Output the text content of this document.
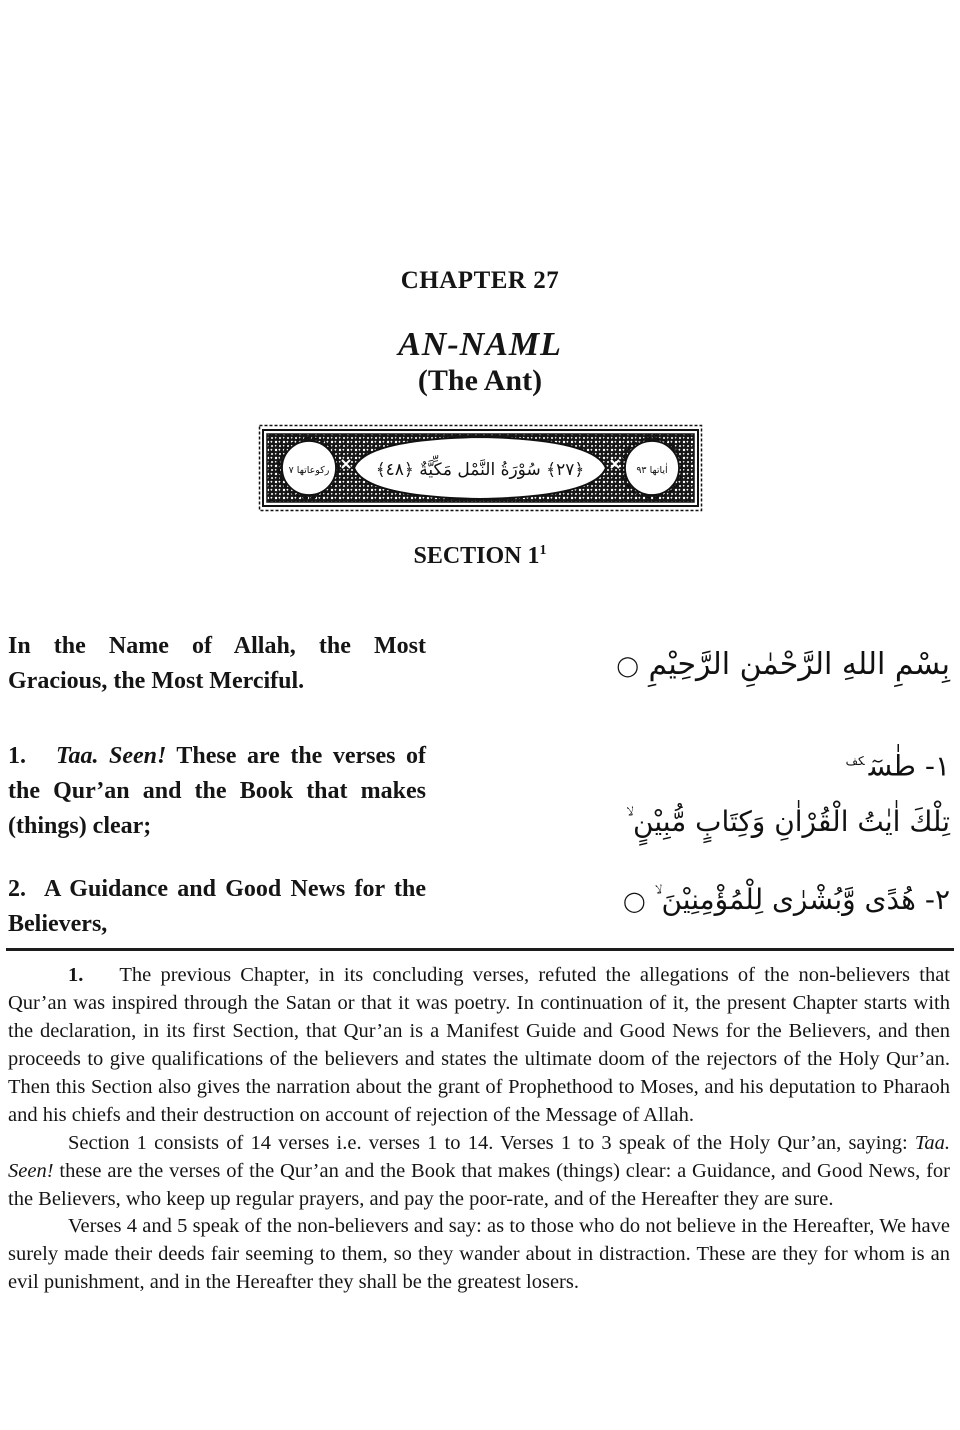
CHAPTER 27
AN-NAML
(The Ant)
﴿٢٧﴾ سُوْرَةُ النَّمْل مَكِّيَّةٌ ﴿٤٨﴾
ركوعاتها ٧	اٰياتها ٩٣
SECTION $1^1$
In the Name of Allah, the Most Gracious, the Most Merciful.	بِسْمِ اللهِ الرَّحْمٰنِ الرَّحِيْمِ ◯
1. Taa. Seen! These are the verses of the Qur’an and the Book that makes (things) clear;
١- طٰسٓ$^{كف}$
تِلْكَ اٰيٰتُ الْقُرْاٰنِ وَكِتَابٍ مُّبِيْنٍ ۙ
2. A Guidance and Good News for the Believers,
٢- هُدًى وَّبُشْرٰى لِلْمُؤْمِنِيْنَ ۙ ◯

1. The previous Chapter, in its concluding verses, refuted the allegations of the non-believers that Qur’an was inspired through the Satan or that it was poetry. In continuation of it, the present Chapter starts with the declaration, in its first Section, that Qur’an is a Manifest Guide and Good News for the Believers, and then proceeds to give qualifications of the believers and states the ultimate doom of the rejectors of the Holy Qur’an. Then this Section also gives the narration about the grant of Prophethood to Moses, and his deputation to Pharaoh and his chiefs and their destruction on account of rejection of the Message of Allah.

Section 1 consists of 14 verses i.e. verses 1 to 14. Verses 1 to 3 speak of the Holy Qur’an, saying: Taa. Seen! these are the verses of the Qur’an and the Book that makes (things) clear: a Guidance, and Good News, for the Believers, who keep up regular prayers, and pay the poor-rate, and of the Hereafter they are sure.

Verses 4 and 5 speak of the non-believers and say: as to those who do not believe in the Hereafter, We have surely made their deeds fair seeming to them, so they wander about in distraction. These are they for whom is an evil punishment, and in the Hereafter they shall be the greatest losers.
